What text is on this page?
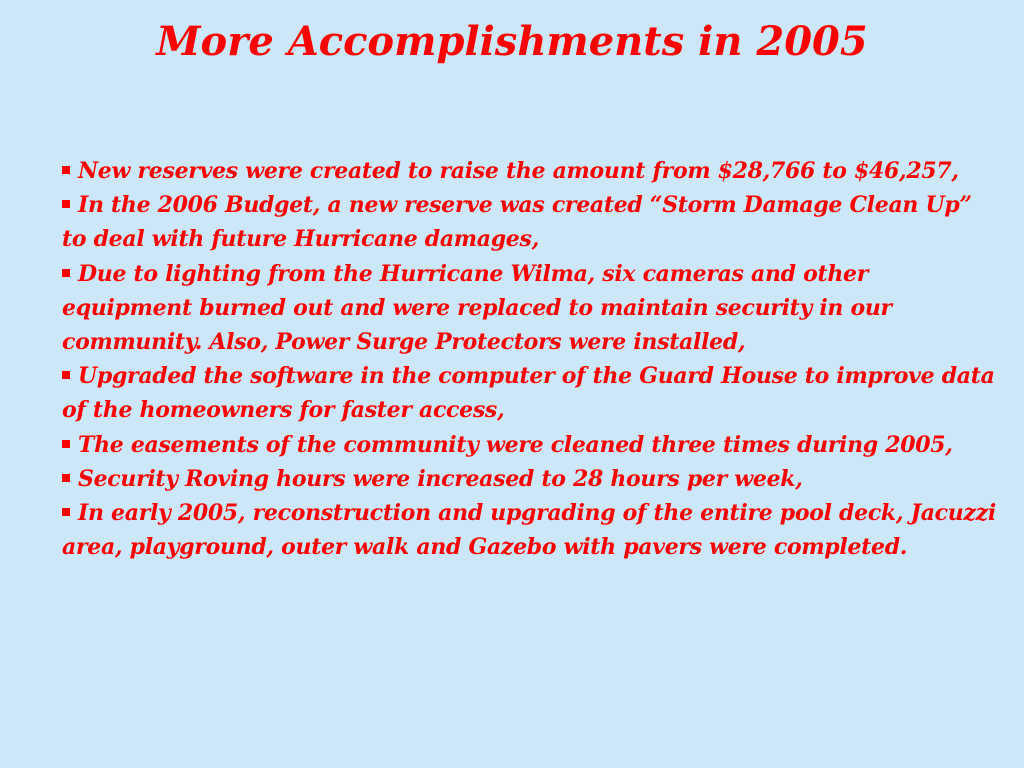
More Accomplishments in 2005
New reserves were created to raise the amount from $28,766 to $46,257,
In the 2006 Budget, a new reserve was created “Storm Damage Clean Up” to deal with future Hurricane damages,
Due to lighting from the Hurricane Wilma, six cameras and other equipment burned out and were replaced to maintain security in our community. Also, Power Surge Protectors were installed,
Upgraded the software in the computer of the Guard House to improve data of the homeowners for faster access,
The easements of the community were cleaned three times during 2005,
Security Roving hours were increased to 28 hours per week,
In early 2005, reconstruction and upgrading of the entire pool deck, Jacuzzi area, playground, outer walk and Gazebo with pavers were completed.
